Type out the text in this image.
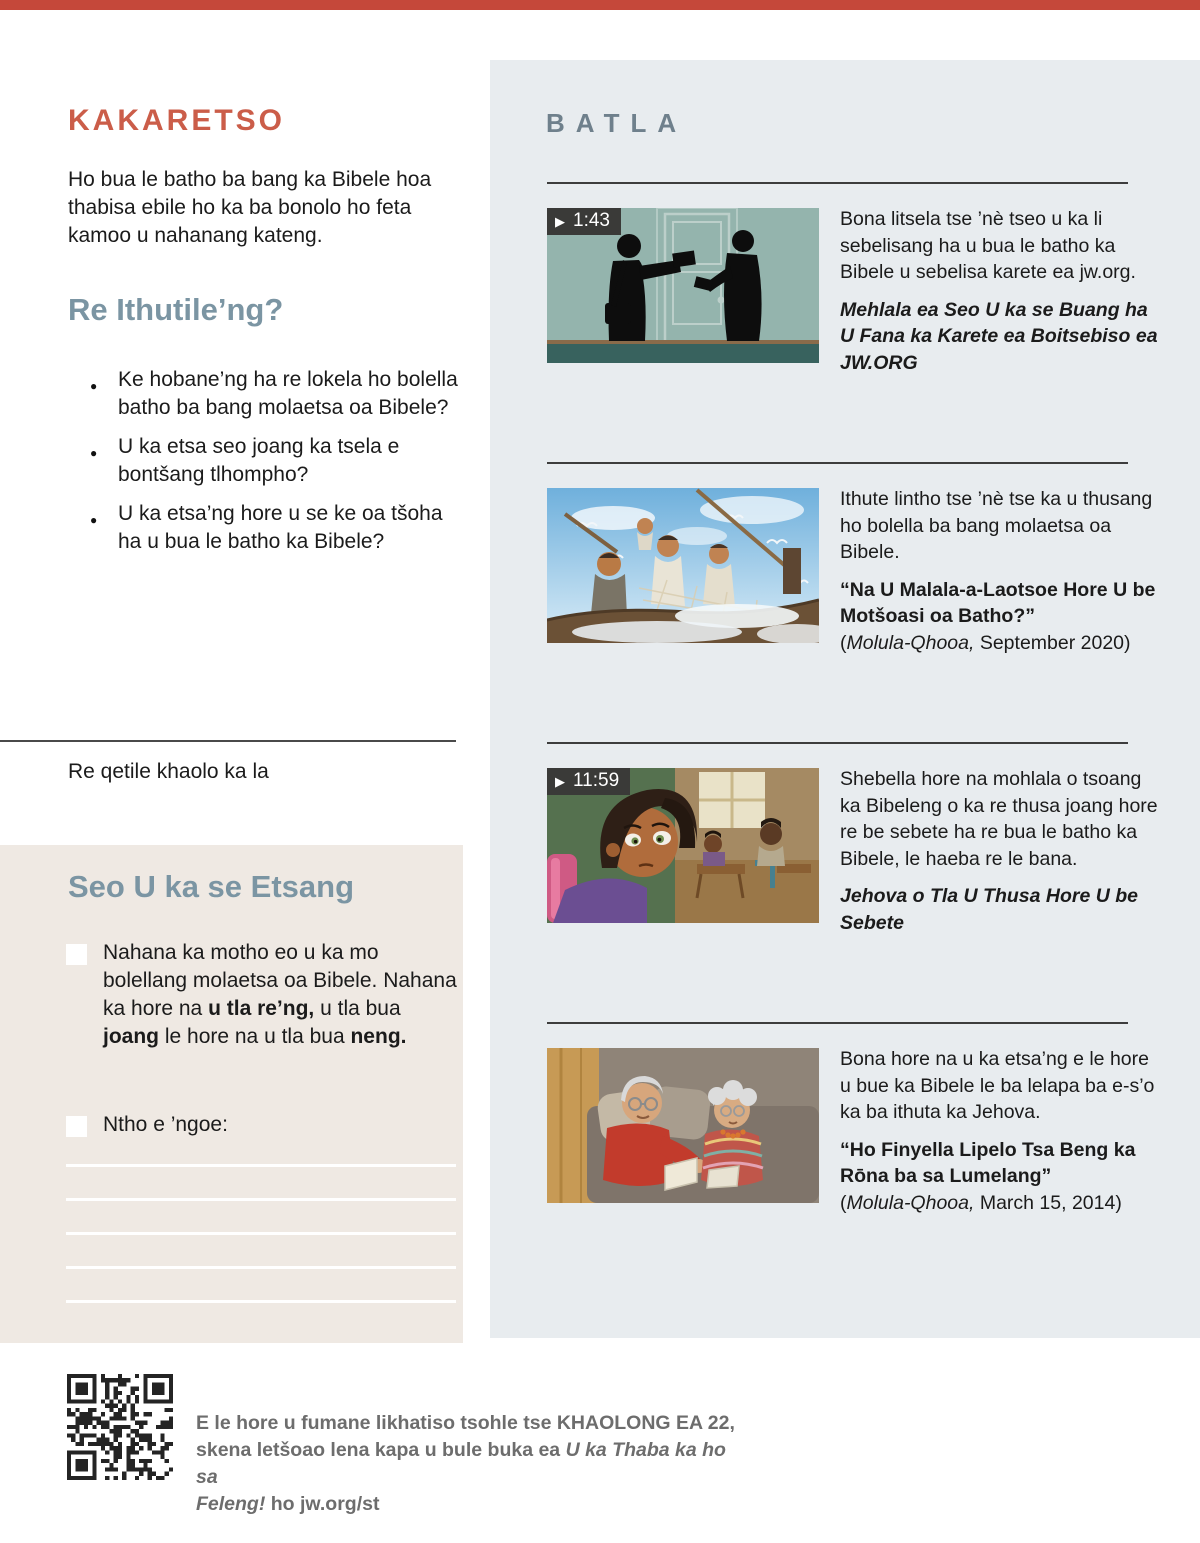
KAKARETSO

Ho bua le batho ba bang ka Bibele hoa thabisa ebile ho ka ba bonolo ho feta kamoo u nahanang kateng.

Re Ithutile’ng?
● Ke hobane’ng ha re lokela ho bolella batho ba bang molaetsa oa Bibele?
● U ka etsa seo joang ka tsela e bontšang tlhompho?
● U ka etsa’ng hore u se ke oa tšoha ha u bua le batho ka Bibele?

Re qetile khaolo ka la

Seo U ka se Etsang

Nahana ka motho eo u ka mo bolellang molaetsa oa Bibele. Nahana ka hore na u tla re’ng, u tla bua joang le hore na u tla bua neng.

Ntho e ’ngoe:

BATLA
▶ 1:43	Bona litsela tse ’nè tseo u ka li sebelisang ha u bua le batho ka Bibele u sebelisa karete ea jw.org.

Mehlala ea Seo U ka se Buang ha U Fana ka Karete ea Boitsebiso ea JW.ORG

Ithute lintho tse ’nè tse ka u thusang ho bolella ba bang molaetsa oa Bibele.

“Na U Malala-a-Laotsoe Hore U be Motšoasi oa Batho?”

(Molula-Qhooa, September 2020)

▶ 11:59	Shebella hore na mohlala o tsoang ka Bibeleng o ka re thusa joang hore re be sebete ha re bua le batho ka Bibele, le haeba re le bana.

Jehova o Tla U Thusa Hore U be Sebete

Bona hore na u ka etsa’ng e le hore u bue ka Bibele le ba lelapa ba e-s’o ka ba ithuta ka Jehova.

“Ho Finyella Lipelo Tsa Beng ka Rōna ba sa Lumelang”

(Molula-Qhooa, March 15, 2014)

E le hore u fumane likhatiso tsohle tse KHAOLONG EA 22,
skena letšoao lena kapa u bule buka ea U ka Thaba ka ho sa
Feleng! ho jw.org/st
